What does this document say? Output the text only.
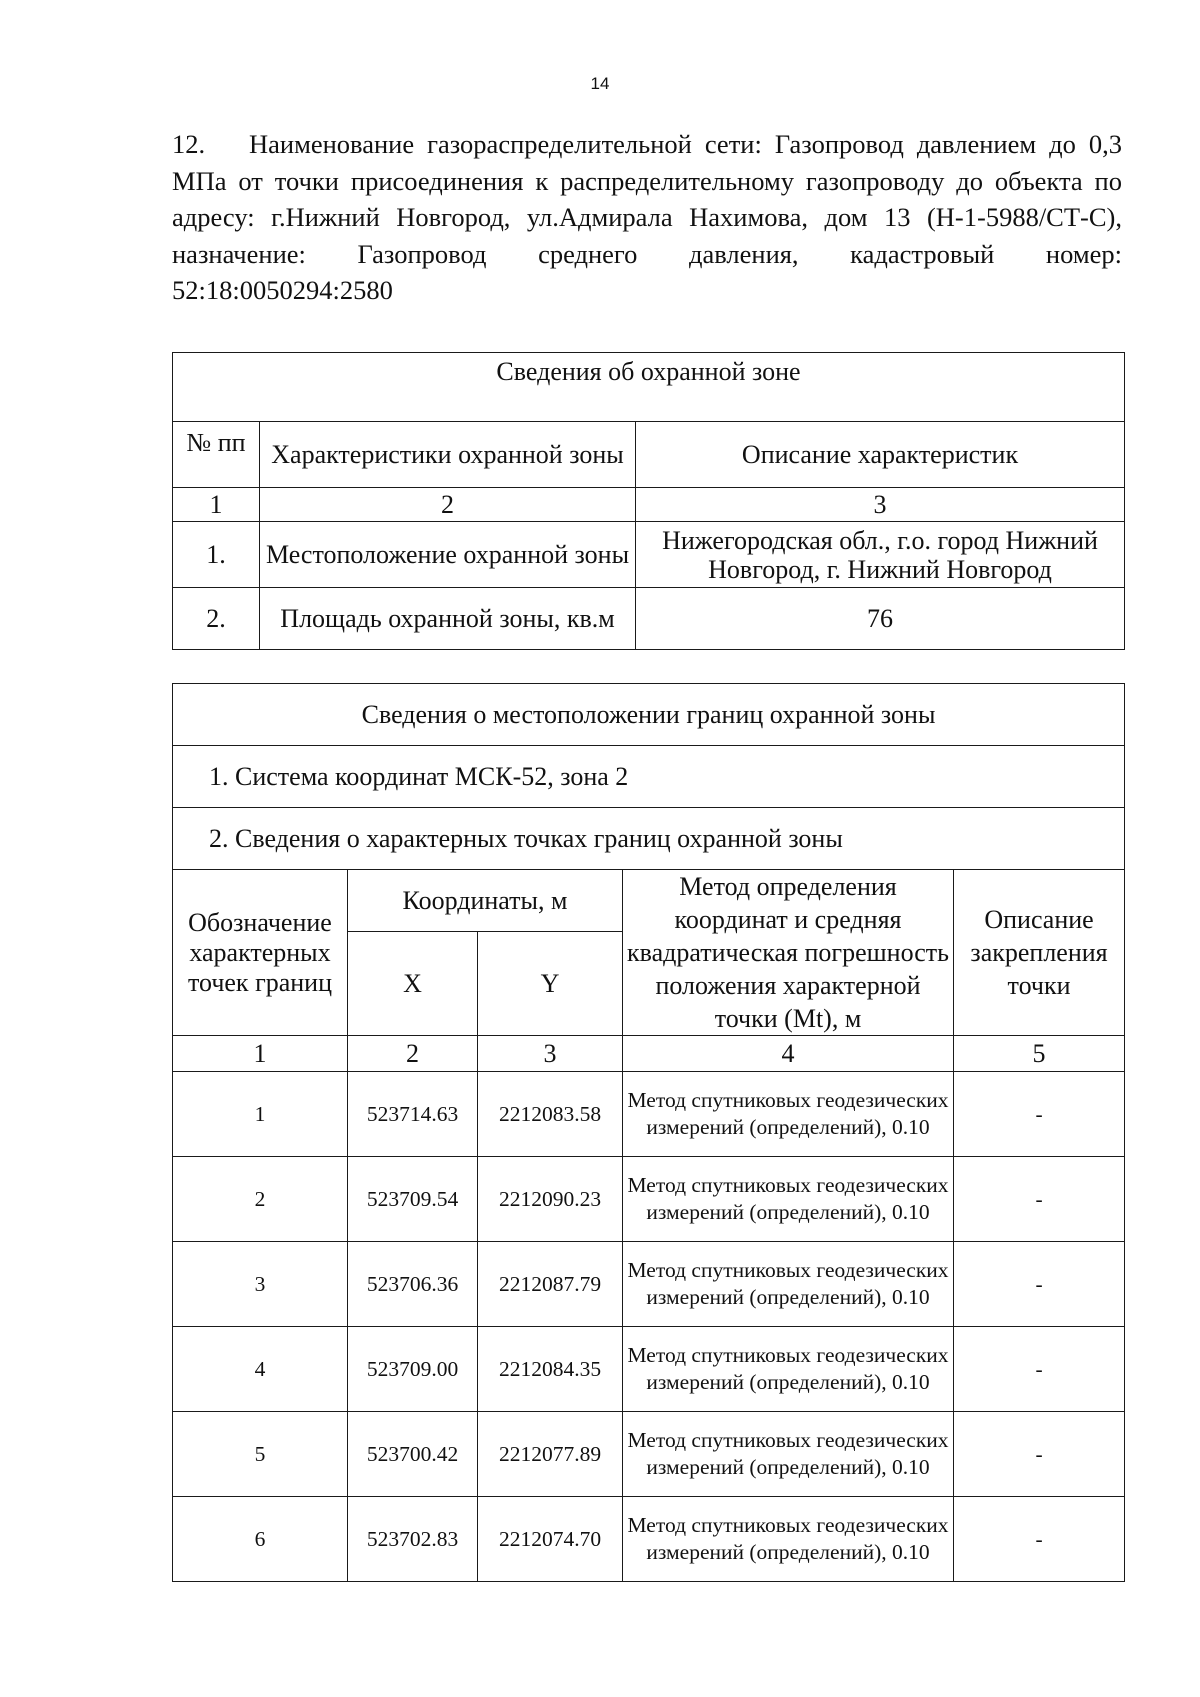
14

12. Наименование газораспределительной сети: Газопровод давлением до 0,3 МПа от точки присоединения к распределительному газопроводу до объекта по адресу: г.Нижний Новгород, ул.Адмирала Нахимова, дом 13 (Н-1-5988/СТ-С), назначение: Газопровод среднего давления, кадастровый номер: 52:18:0050294:2580

Сведения об охранной зоне		
№ пп	Характеристики охранной зоны	Описание характеристик
1	2	3
1.	Местоположение охранной зоны	Нижегородская обл., г.о. город Нижний Новгород, г. Нижний Новгород
2.	Площадь охранной зоны, кв.м	76
Сведения о местоположении границ охранной зоны				
1. Система координат МСК-52, зона 2				
2. Сведения о характерных точках границ охранной зоны				
Обозначение характерных точек границ	Координаты, м		Метод определения координат и средняя квадратическая погрешность положения характерной точки (Mt), м	Описание закрепления точки
	X	Y		
1	2	3	4	5
1	523714.63	2212083.58	Метод спутниковых геодезических измерений (определений), 0.10	-
2	523709.54	2212090.23	Метод спутниковых геодезических измерений (определений), 0.10	-
3	523706.36	2212087.79	Метод спутниковых геодезических измерений (определений), 0.10	-
4	523709.00	2212084.35	Метод спутниковых геодезических измерений (определений), 0.10	-
5	523700.42	2212077.89	Метод спутниковых геодезических измерений (определений), 0.10	-
6	523702.83	2212074.70	Метод спутниковых геодезических измерений (определений), 0.10	-
